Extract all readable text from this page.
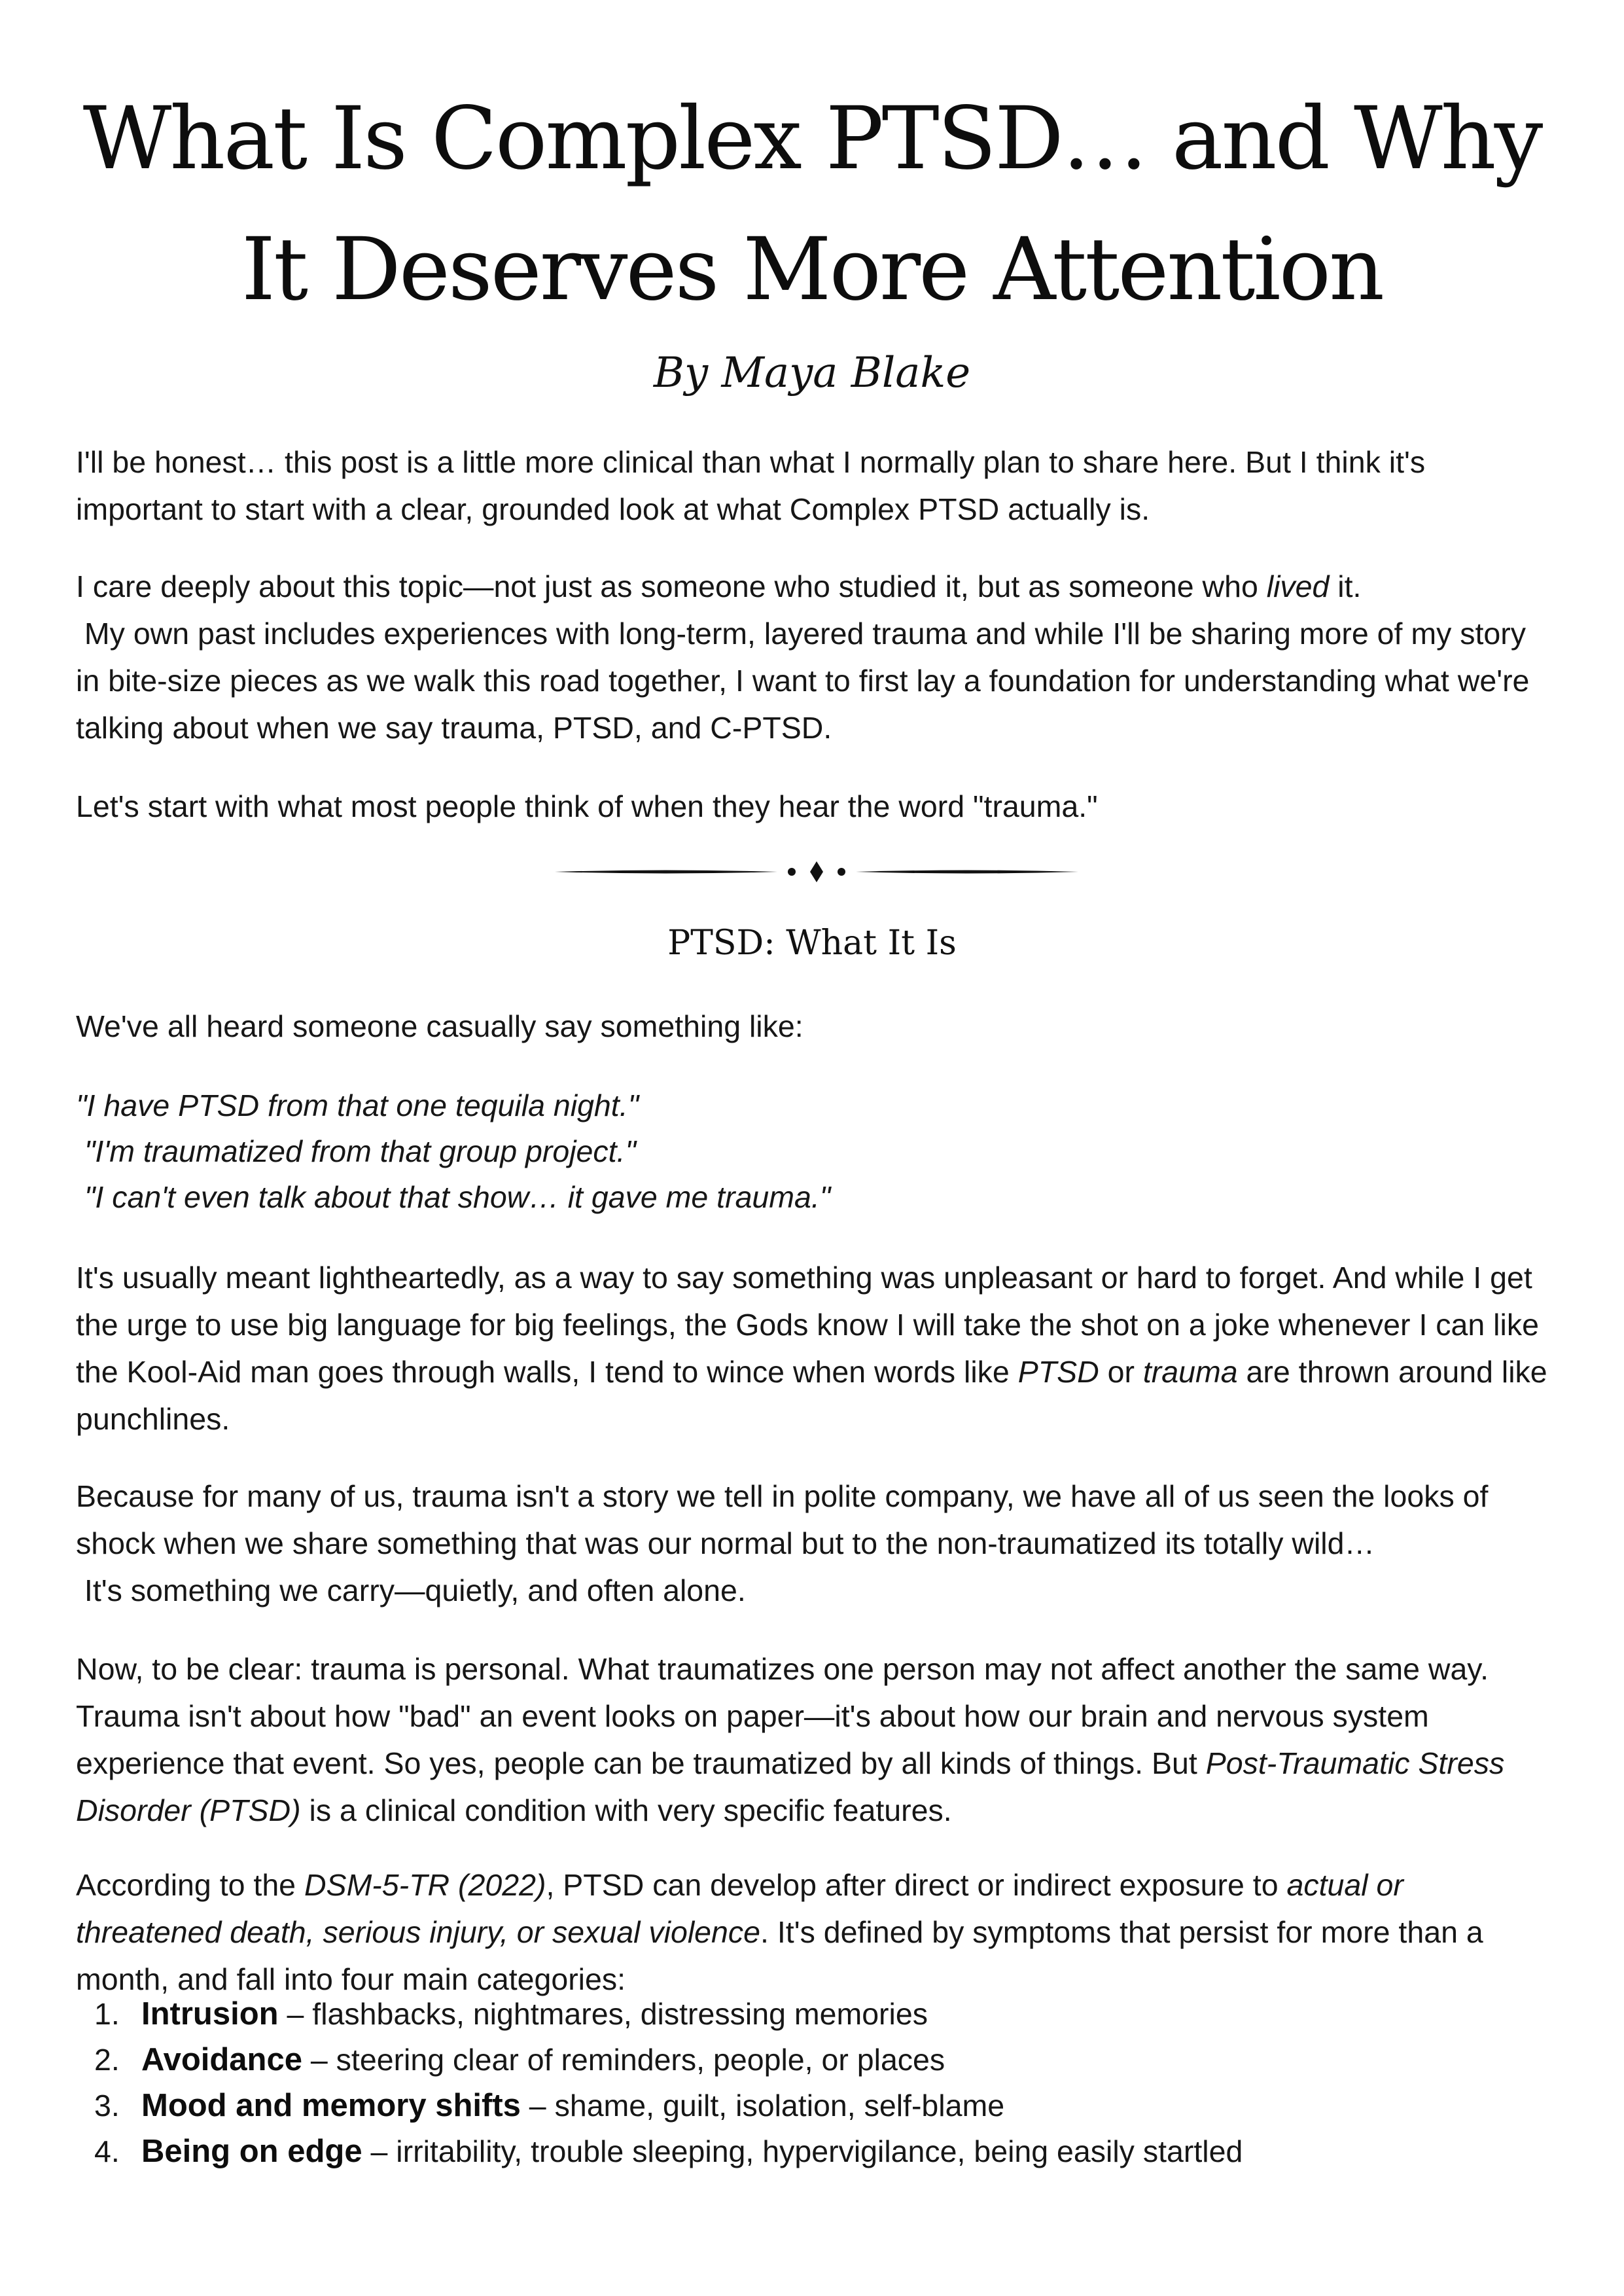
What Is Complex PTSD… and Why It Deserves More Attention
By Maya Blake

I'll be honest… this post is a little more clinical than what I normally plan to share here. But I think it's important to start with a clear, grounded look at what Complex PTSD actually is.

I care deeply about this topic—not just as someone who studied it, but as someone who lived it.

My own past includes experiences with long-term, layered trauma and while I'll be sharing more of my story in bite-size pieces as we walk this road together, I want to first lay a foundation for understanding what we're talking about when we say trauma, PTSD, and C-PTSD.

Let's start with what most people think of when they hear the word "trauma."

PTSD: What It Is

We've all heard someone casually say something like:

"I have PTSD from that one tequila night."
"I'm traumatized from that group project."
"I can't even talk about that show… it gave me trauma."

It's usually meant lightheartedly, as a way to say something was unpleasant or hard to forget. And while I get the urge to use big language for big feelings, the Gods know I will take the shot on a joke whenever I can like the Kool-Aid man goes through walls, I tend to wince when words like PTSD or trauma are thrown around like punchlines.

Because for many of us, trauma isn't a story we tell in polite company, we have all of us seen the looks of shock when we share something that was our normal but to the non-traumatized its totally wild…

It's something we carry—quietly, and often alone.

Now, to be clear: trauma is personal. What traumatizes one person may not affect another the same way. Trauma isn't about how "bad" an event looks on paper—it's about how our brain and nervous system experience that event. So yes, people can be traumatized by all kinds of things. But Post-Traumatic Stress Disorder (PTSD) is a clinical condition with very specific features.

According to the DSM-5-TR (2022), PTSD can develop after direct or indirect exposure to actual or threatened death, serious injury, or sexual violence. It's defined by symptoms that persist for more than a month, and fall into four main categories:

1. Intrusion – flashbacks, nightmares, distressing memories
2. Avoidance – steering clear of reminders, people, or places
3. Mood and memory shifts – shame, guilt, isolation, self-blame
4. Being on edge – irritability, trouble sleeping, hypervigilance, being easily startled
